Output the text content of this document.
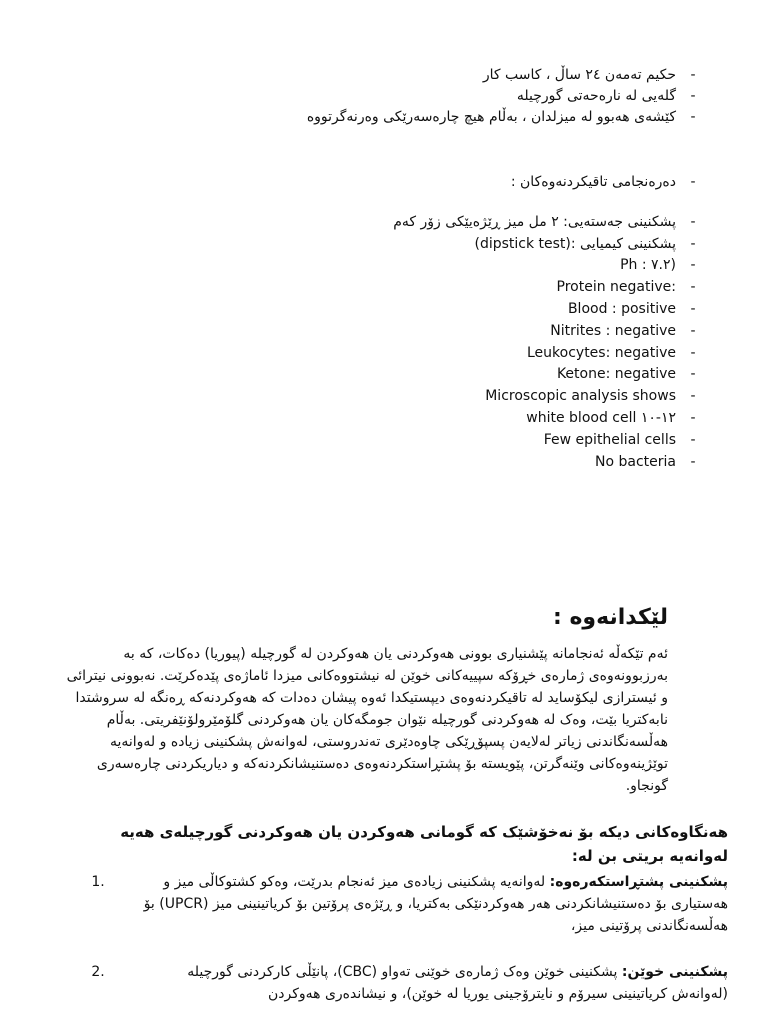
-
حکیم تەمەن ٢٤ ساڵ ، کاسب کار
-
گلەیی لە نارەحەتی گورچیلە
-
کێشەی هەبوو لە میزلدان ، بەڵام هیچ چارەسەرێکی وەرنەگرتووە
-
دەرەنجامی تاقیکردنەوەکان :
-
پشکنینی جەستەیی: ٢ مل میز ڕێژەیێکی زۆر کەم
-
پشکنینی کیمیایی :(dipstick test)
-
(٧.٢ : Ph
-
Protein negative:
-
Blood : positive
-
Nitrites : negative
-
Leukocytes: negative
-
Ketone: negative
-
Microscopic analysis shows
-
white blood cell ١٢-١٠
-
Few epithelial cells
-
No bacteria
لێکدانەوە :

ئەم تێکەڵە ئەنجامانە پێشنیاری بوونی هەوکردنی یان هەوکردن لە گورچیلە (پیوریا) دەکات، کە بە بەرزبوونەوەی ژمارەی خڕۆکە سپییەکانی خوێن لە نیشتووەکانی میزدا ئاماژەی پێدەکرێت. نەبوونی نیترائی و ئیسترازی لیکۆساید لە تاقیکردنەوەی دیپستیکدا ئەوە پیشان دەدات کە هەوکردنەکە ڕەنگە لە سروشتدا نابەکتریا بێت، وەک لە هەوکردنی گورچیلە نێوان جومگەکان یان هەوکردنی گلۆمێرولۆنێفریتی. بەڵام هەڵسەنگاندنی زیاتر لەلایەن پسپۆڕێکی چاوەدێری تەندروستی، لەوانەش پشکنینی زیادە و لەوانەیە توێژینەوەکانی وێنەگرتن، پێویستە بۆ پشتڕاستکردنەوەی دەستنیشانکردنەکە و دیاریکردنی چارەسەری گونجاو.

هەنگاوەکانی دیکە بۆ نەخۆشێک کە گومانی هەوکردن یان هەوکردنی گورچیلەی هەیە لەوانەیە بریتی بن لە:

پشکنینی پشتڕاستکەرەوە: لەوانەیە پشکنینی زیادەی میز ئەنجام بدرێت، وەکو کشتوکاڵی میز و هەستیاری بۆ دەستنیشانکردنی هەر هەوکردنێکی بەکتریا، و ڕێژەی پرۆتین بۆ کریاتینینی میز (UPCR) بۆ هەڵسەنگاندنی پرۆتینی میز،
1.
پشکنینی خوێن: پشکنینی خوێن وەک ژمارەی خوێنی تەواو (CBC)، پانێڵی کارکردنی گورچیلە (لەوانەش کریاتینینی سیرۆم و نایترۆجینی یوریا لە خوێن)، و نیشاندەری هەوکردن
2.
